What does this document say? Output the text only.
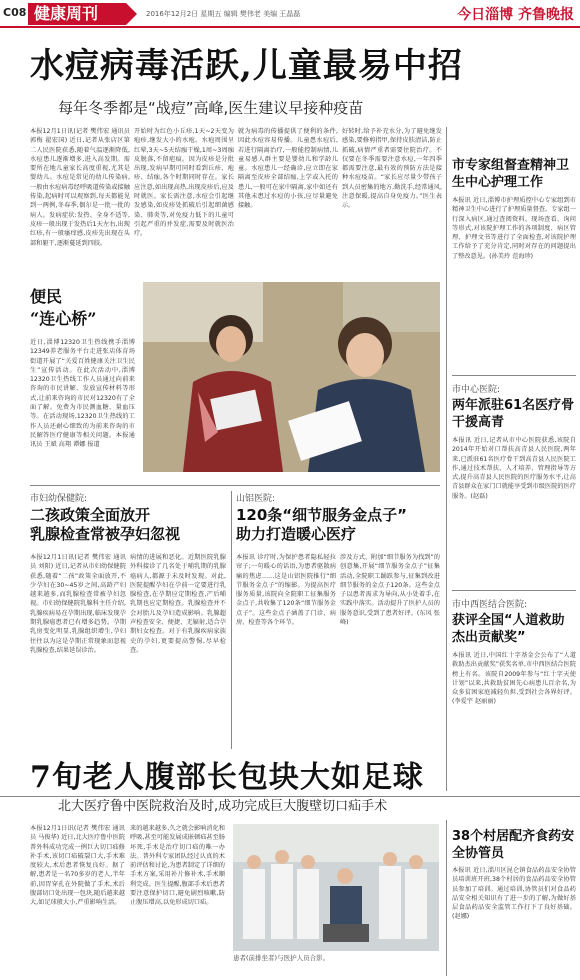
C08 健康周刊	2016年12月2日 星期五 编辑 樊伟老 美编 王晶磊	今日淄博 齐鲁晚报
水痘病毒活跃,儿童最易中招
每年冬季都是“战痘”高峰,医生建议早接种疫苗
本报12月1日讯(记者 樊伟宏 通讯员 郭梅 翟宏国) 近日,记者从张店区第二人民医院获悉,随着气温逐渐降低,水痘患儿逐渐增多,进入高发期。需要所在地儿童家长高度重视,尤其是婴幼儿。水痘是常见的幼儿传染病,一般由水痘病毒经呼吸道传染或接触传染,起病时可以观察到,每天都能见到一两例,冬春季,偶尔是一批一批的病人。发病症状:发热、全身不适等,皮疹一般出现于发热后1天左右,出现红疹,有一般瘙痒感,皮疹先出现在头部和躯干,逐渐蔓延到四肢。
开始时为红色小丘疹,1天~2天变为疱疹,继发大小的水疱。水疱周围呈红晕,3天~5天结痂干燥,1周~3周痂皮脱落,不留疤痕。因为皮疹是分批出现,发病早期可同时看到丘疹、疱疹、结痂,各个时期同时存在。家长应注意,如出现高热,出现皮疹后,应及时就医。家长需注意,水痘会引起继发感染,如皮疹处抓破后引起细菌感染、肺炎等,对免疫力低下的儿童可引起严重的并发症,需要及时就医治疗。
就为病毒的传播提供了便利的条件,因此水痘容易传播。儿童患水痘后,若进行隔离治疗,一般能控制病情,儿童易感人群主要是婴幼儿和学龄儿童。水痘患儿一经确诊,应立即在家隔离至皮疹全部结痂,上学或入托的患儿,一般可在家中隔离,家中如还有其他未患过水痘的小孩,应尽量避免接触。
好转时,给予补充水分,为了避免继发感染,要修剪指甲,保持皮肤清洁,防止抓破,病情严重者需要住院治疗。不仅要在冬季需要注意水痘,一年四季都需要注意,最有效的预防方法是接种水痘疫苗。“家长应尽量少带孩子到人员密集的地方,勤洗手,经常通风,注意保暖,提高自身免疫力。”医生表示。
便民
“连心桥”
近日,淄博12320卫生热线携手淄博12349养老服务平台走进张店体育场街道开展了“关爱百姓健康关注卫生民生”宣传活动。在此次活动中,淄博12320卫生热线工作人员通过向前来咨询的市民讲解、发放宣传材料等形式,让前来咨询的市民对12320有了全面了解。免费为市民测血糖、量血压等。在活动现场,12320卫生热线的工作人员还耐心细致的为前来咨询的市民解答医疗健康等相关问题。本报通讯员 王斌 高翔 谭娜 报道
市妇幼保健院:
二孩政策全面放开
乳腺检查常被孕妇忽视
本报12月1日讯(记者 樊伟宏 通讯员 刘阳) 近日,记者从市妇幼保健院获悉,随着“二孩”政策全面放开,不少孕妇在30~45岁之间,高龄产妇越来越多,而乳腺检查常被孕妇忽视。市妇幼保健院乳腺科主任介绍,乳腺疾病易在孕期出现,临床发现孕期乳腺癌患者已有增多趋势。孕期乳房变化明显,乳腺组织增生,孕妇往往以为这是孕期正常现象而忽视乳腺检查,结果延误诊治。
病情的进展和恶化。近期医院乳腺外科接诊了几名处于哺乳期的乳腺癌病人,都源于未及时发现。对此,医院提醒孕妇在孕前一定要进行乳腺检查,在孕期应定期检查,产后哺乳期也应定期检查。乳腺检查并不会对胎儿及孕妇造成影响。乳腺超声检查安全、便捷、无辐射,适合孕期妇女检查。对于有乳腺疾病家族史的孕妇,更要提高警惕,尽早检查。
山铝医院:
120条“细节服务金点子”
助力打造暖心医疗
本报讯 诊疗时,为保护患者隐私轻拉帘子;一句暖心的话语,为患者驱散病痛的焦虑……这是山铝医院推行“细节服务金点子”的缩影。为提高医疗服务质量,该院向全院职工征集服务金点子,共收集了120条“细节服务金点子”。这些金点子涵盖了门诊、病房、检查等各个环节。
涉及方式、附加“细节服务为找到”的创意集,开展“细节服务金点子”征集活动,全院职工踊跃参与,征集到改进细节服务的金点子120条。这些金点子以患者需求为导向,从小处着手,在实践中落实。活动提升了医护人员的服务意识,受到了患者好评。(东风 张峰)
市专家组督查精神卫生中心护理工作
本报讯 近日,淄博市护理质控中心专家组到市精神卫生中心进行了护理质量督查。专家组一行深入病区,通过查阅资料、现场查看、询问等形式,对该院护理工作的各项制度、病区管理、护理文书等进行了全面检查,对该院护理工作给予了充分肯定,同时对存在的问题提出了整改意见。(孙美玲 范海珍)
市中心医院:
两年派驻61名医疗骨干援高青
本报讯 近日,记者从市中心医院获悉,该院自2014年开始对口帮扶高青县人民医院,两年来,已派驻61名医疗骨干到高青县人民医院工作,通过技术帮扶、人才培养、管理指导等方式,提升高青县人民医院的医疗服务水平,让高青县群众在家门口就能享受到市级医院的医疗服务。(赵磊)
市中西医结合医院:
获评全国“人道救助杰出贡献奖”
本报讯 近日,中国红十字基金会公布了“人道救助杰出贡献奖”获奖名单,市中西医结合医院榜上有名。该院自2009年参与“红十字天使计划”以来,共救助贫困先心病患儿百余名,为众多贫困家庭减轻负担,受到社会各界好评。(李爱宇 赵丽丽)
7旬老人腹部长包块大如足球
北大医疗鲁中医院救治及时,成功完成巨大腹壁切口疝手术
本报12月1日讯(记者 樊伟宏 通讯员 马俊华) 近日,北大医疗鲁中医院普外科成功完成一例巨大切口疝修补手术,该切口疝破裂口大,手术难度较大,术后患者恢复良好。据了解,患者是一名70多岁的老人,半年前,因胃穿孔在外院做了手术,术后腹部切口处出现一包块,随后越来越大,如足球般大小,严重影响生活。
来的越来越多,久之就会影响消化和呼吸,甚至可能发展成嵌顿疝甚至肠坏死,手术是治疗切口疝的唯一办法。普外科专家团队经过认真的术前评估和讨论,为患者制定了详细的手术方案,采用补片修补术,手术顺利完成。医生提醒,腹部手术后患者要注意保护切口,避免剧烈咳嗽,防止腹压增高,以免形成切口疝。
患者(前排坐者)与医护人员合影。
38个村居配齐食药安全协管员
本报讯 近日,淄川区昆仑镇食品药品安全协管员培训班开班,38个村居的食品药品安全协管员参加了培训。通过培训,协管员们对食品药品安全相关知识有了进一步的了解,为做好基层食品药品安全监管工作打下了良好基础。(赵娜)
